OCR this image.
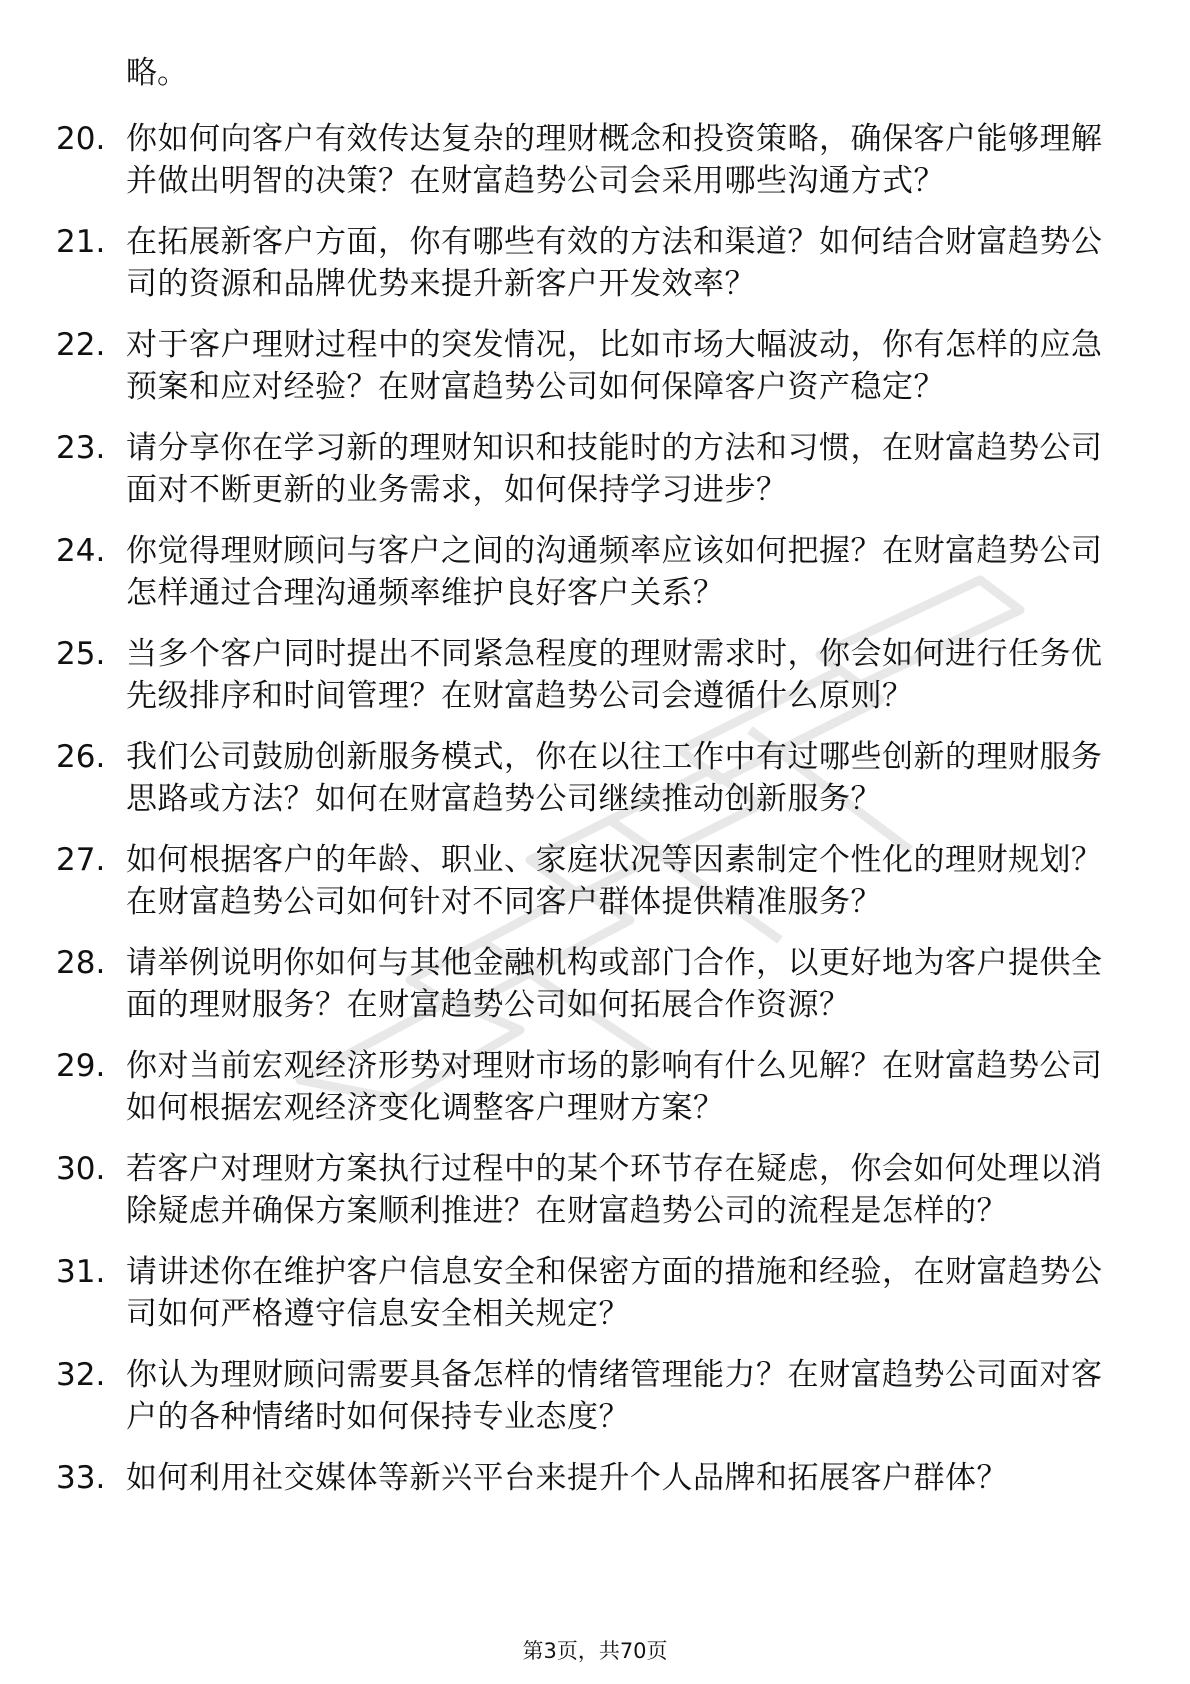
略。
20. 你如何向客户有效传达复杂的理财概念和投资策略，确保客户能够理解并做出明智的决策？在财富趋势公司会采用哪些沟通方式？
21. 在拓展新客户方面，你有哪些有效的方法和渠道？如何结合财富趋势公司的资源和品牌优势来提升新客户开发效率？
22. 对于客户理财过程中的突发情况，比如市场大幅波动，你有怎样的应急预案和应对经验？在财富趋势公司如何保障客户资产稳定？
23. 请分享你在学习新的理财知识和技能时的方法和习惯，在财富趋势公司面对不断更新的业务需求，如何保持学习进步？
24. 你觉得理财顾问与客户之间的沟通频率应该如何把握？在财富趋势公司怎样通过合理沟通频率维护良好客户关系？
25. 当多个客户同时提出不同紧急程度的理财需求时，你会如何进行任务优先级排序和时间管理？在财富趋势公司会遵循什么原则？
26. 我们公司鼓励创新服务模式，你在以往工作中有过哪些创新的理财服务思路或方法？如何在财富趋势公司继续推动创新服务？
27. 如何根据客户的年龄、职业、家庭状况等因素制定个性化的理财规划？在财富趋势公司如何针对不同客户群体提供精准服务？
28. 请举例说明你如何与其他金融机构或部门合作，以更好地为客户提供全面的理财服务？在财富趋势公司如何拓展合作资源？
29. 你对当前宏观经济形势对理财市场的影响有什么见解？在财富趋势公司如何根据宏观经济变化调整客户理财方案？
30. 若客户对理财方案执行过程中的某个环节存在疑虑，你会如何处理以消除疑虑并确保方案顺利推进？在财富趋势公司的流程是怎样的？
31. 请讲述你在维护客户信息安全和保密方面的措施和经验，在财富趋势公司如何严格遵守信息安全相关规定？
32. 你认为理财顾问需要具备怎样的情绪管理能力？在财富趋势公司面对客户的各种情绪时如何保持专业态度？
33. 如何利用社交媒体等新兴平台来提升个人品牌和拓展客户群体？
第3页，共70页
